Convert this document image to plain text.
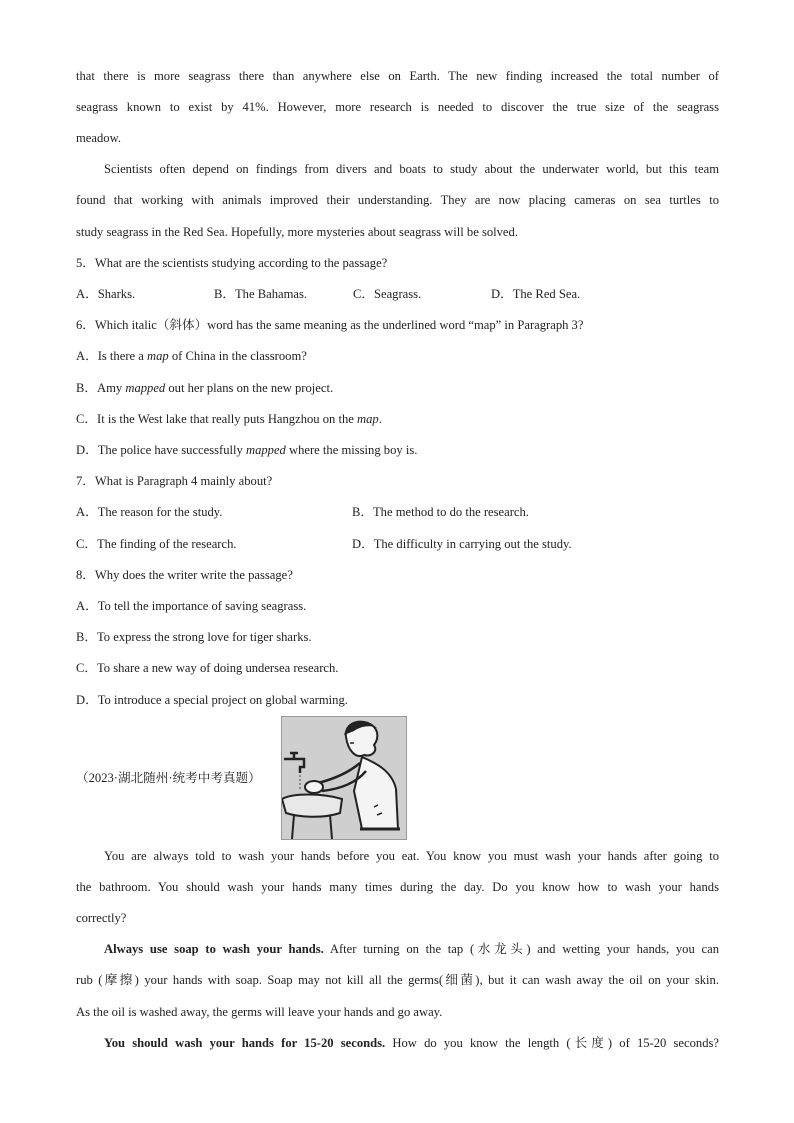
that there is more seagrass there than anywhere else on Earth. The new finding increased the total number of
seagrass known to exist by 41%. However, more research is needed to discover the true size of the seagrass
meadow.
Scientists often depend on findings from divers and boats to study about the underwater world, but this team
found that working with animals improved their understanding. They are now placing cameras on sea turtles to
study seagrass in the Red Sea. Hopefully, more mysteries about seagrass will be solved.
5．What are the scientists studying according to the passage?
A．Sharks.	B．The Bahamas.	C．Seagrass.	D．The Red Sea.
6．Which italic（斜体）word has the same meaning as the underlined word “map” in Paragraph 3?
A．Is there a map of China in the classroom?
B．Amy mapped out her plans on the new project.
C．It is the West lake that really puts Hangzhou on the map.
D．The police have successfully mapped where the missing boy is.
7．What is Paragraph 4 mainly about?
A．The reason for the study.	B．The method to do the research.
C．The finding of the research.	D．The difficulty in carrying out the study.
8．Why does the writer write the passage?
A．To tell the importance of saving seagrass.
B．To express the strong love for tiger sharks.
C．To share a new way of doing undersea research.
D．To introduce a special project on global warming.
（2023·湖北随州·统考中考真题）
You are always told to wash your hands before you eat. You know you must wash your hands after going to
the bathroom. You should wash your hands many times during the day. Do you know how to wash your hands
correctly?
Always use soap to wash your hands. After turning on the tap (水龙头) and wetting your hands, you can
rub (摩擦) your hands with soap. Soap may not kill all the germs(细菌), but it can wash away the oil on your skin.
As the oil is washed away, the germs will leave your hands and go away.
You should wash your hands for 15-20 seconds. How do you know the length (长度) of 15-20 seconds?
